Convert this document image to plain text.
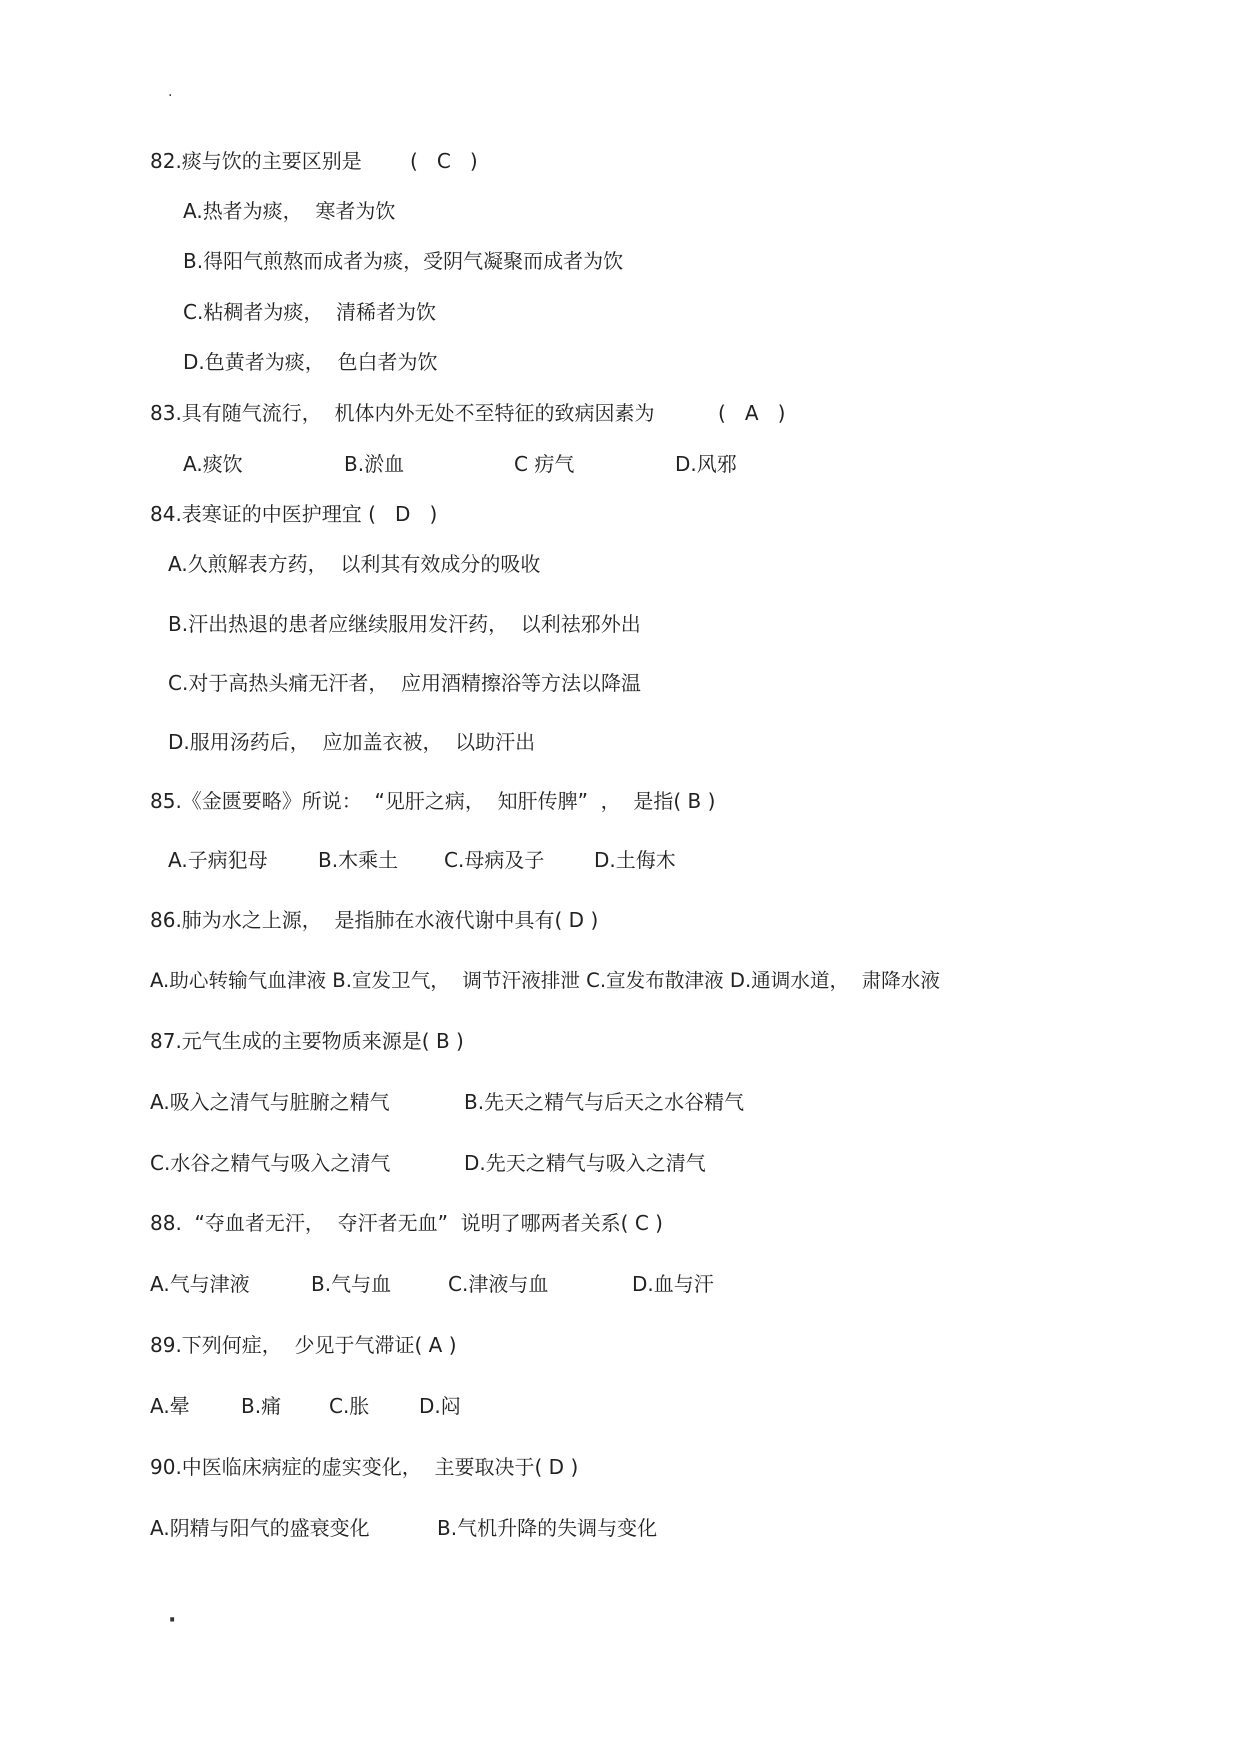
·
82.痰与饮的主要区别是 (   C   )
A.热者为痰，  寒者为饮
B.得阳气煎熬而成者为痰，受阴气凝聚而成者为饮
C.粘稠者为痰，  清稀者为饮
D.色黄者为痰，  色白者为饮
83.具有随气流行，  机体内外无处不至特征的致病因素为	(   A   )
A.痰饮	B.淤血	C 疠气	D.风邪
84.表寒证的中医护理宜 (   D   )
A.久煎解表方药，  以利其有效成分的吸收
B.汗出热退的患者应继续服用发汗药，  以利祛邪外出
C.对于高热头痛无汗者，  应用酒精擦浴等方法以降温
D.服用汤药后，  应加盖衣被，  以助汗出
85.《金匮要略》所说：  “见肝之病，  知肝传脾”  ，  是指( B )
A.子病犯母	B.木乘土 C.母病及子 D.土侮木
86.肺为水之上源，  是指肺在水液代谢中具有( D )
A.助心转输气血津液 B.宣发卫气，  调节汗液排泄 C.宣发布散津液 D.通调水道，  肃降水液
87.元气生成的主要物质来源是( B )
A.吸入之清气与脏腑之精气	B.先天之精气与后天之水谷精气
C.水谷之精气与吸入之清气	D.先天之精气与吸入之清气
88.  “夺血者无汗，  夺汗者无血”  说明了哪两者关系( C )
A.气与津液	B.气与血	C.津液与血	D.血与汗
89.下列何症，  少见于气滞证( A )
A.晕	B.痛 C.胀 D.闷
90.中医临床病症的虚实变化，  主要取决于( D )
A.阴精与阳气的盛衰变化	B.气机升降的失调与变化
·
